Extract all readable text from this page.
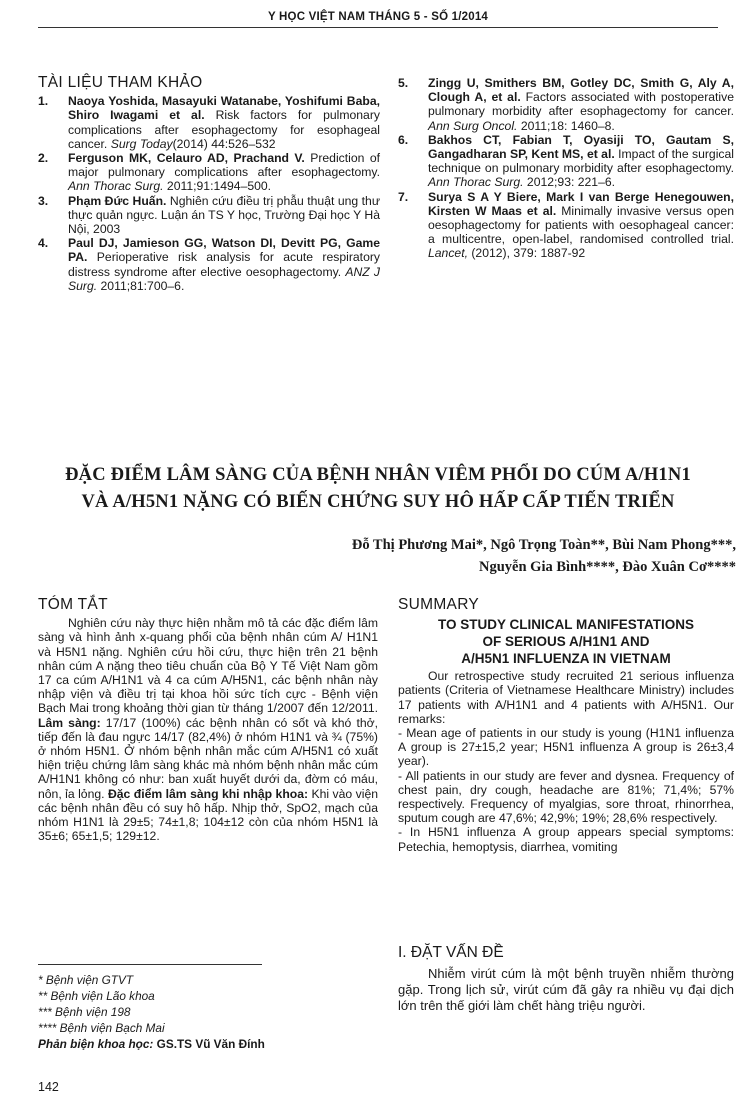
Y HỌC VIỆT NAM THÁNG 5 - SỐ 1/2014
TÀI LIỆU THAM KHẢO
1. Naoya Yoshida, Masayuki Watanabe, Yoshifumi Baba, Shiro Iwagami et al. Risk factors for pulmonary complications after esophagectomy for esophageal cancer. Surg Today(2014) 44:526–532
2. Ferguson MK, Celauro AD, Prachand V. Prediction of major pulmonary complications after esophagectomy. Ann Thorac Surg. 2011;91:1494–500.
3. Phạm Đức Huấn. Nghiên cứu điều trị phẫu thuật ung thư thực quản ngực. Luận án TS Y học, Trường Đại học Y Hà Nội, 2003
4. Paul DJ, Jamieson GG, Watson DI, Devitt PG, Game PA. Perioperative risk analysis for acute respiratory distress syndrome after elective oesophagectomy. ANZ J Surg. 2011;81:700–6.
5. Zingg U, Smithers BM, Gotley DC, Smith G, Aly A, Clough A, et al. Factors associated with postoperative pulmonary morbidity after esophagectomy for cancer. Ann Surg Oncol. 2011;18: 1460–8.
6. Bakhos CT, Fabian T, Oyasiji TO, Gautam S, Gangadharan SP, Kent MS, et al. Impact of the surgical technique on pulmonary morbidity after esophagectomy. Ann Thorac Surg. 2012;93: 221–6.
7. Surya S A Y Biere, Mark I van Berge Henegouwen, Kirsten W Maas et al. Minimally invasive versus open oesophagectomy for patients with oesophageal cancer: a multicentre, open-label, randomised controlled trial. Lancet, (2012), 379: 1887-92
ĐẶC ĐIỂM LÂM SÀNG CỦA BỆNH NHÂN VIÊM PHỔI DO CÚM A/H1N1
VÀ A/H5N1 NẶNG CÓ BIẾN CHỨNG SUY HÔ HẤP CẤP TIẾN TRIỂN
Đỗ Thị Phương Mai*, Ngô Trọng Toàn**, Bùi Nam Phong***,
Nguyễn Gia Bình****, Đào Xuân Cơ****
TÓM TẮT
Nghiên cứu này thực hiện nhằm mô tả các đặc điểm lâm sàng và hình ảnh x-quang phổi của bệnh nhân cúm A/ H1N1 và H5N1 nặng. Nghiên cứu hồi cứu, thực hiện trên 21 bệnh nhân cúm A nặng theo tiêu chuẩn của Bộ Y Tế Việt Nam gồm 17 ca cúm A/H1N1 và 4 ca cúm A/H5N1, các bệnh nhân này nhập viện và điều trị tại khoa hồi sức tích cực - Bệnh viện Bạch Mai trong khoảng thời gian từ tháng 1/2007 đến 12/2011. Lâm sàng: 17/17 (100%) các bệnh nhân có sốt và khó thở, tiếp đến là đau ngực 14/17 (82,4%) ở nhóm H1N1 và ¾ (75%) ở nhóm H5N1. Ở nhóm bệnh nhân mắc cúm A/H5N1 có xuất hiện triệu chứng lâm sàng khác mà nhóm bệnh nhân mắc cúm A/H1N1 không có như: ban xuất huyết dưới da, đờm có máu, nôn, ỉa lỏng. Đặc điểm lâm sàng khi nhập khoa: Khi vào viện các bệnh nhân đều có suy hô hấp. Nhịp thở, SpO2, mạch của nhóm H1N1 là 29±5; 74±1,8; 104±12 còn của nhóm H5N1 là 35±6; 65±1,5; 129±12.
SUMMARY
TO STUDY CLINICAL MANIFESTATIONS
OF SERIOUS A/H1N1 AND
A/H5N1 INFLUENZA IN VIETNAM
Our retrospective study recruited 21 serious influenza patients (Criteria of Vietnamese Healthcare Ministry) includes 17 patients with A/H1N1 and 4 patients with A/H5N1. Our remarks:
- Mean age of patients in our study is young (H1N1 influenza A group is 27±15,2 year; H5N1 influenza A group is 26±3,4 year).
- All patients in our study are fever and dysnea. Frequency of chest pain, dry cough, headache are 81%; 71,4%; 57% respectively. Frequency of myalgias, sore throat, rhinorrhea, sputum cough are 47,6%; 42,9%; 19%; 28,6% respectively.
- In H5N1 influenza A group appears special symptoms: Petechia, hemoptysis, diarrhea, vomiting
I. ĐẶT VẤN ĐỀ
Nhiễm virút cúm là một bệnh truyền nhiễm thường gặp. Trong lịch sử, virút cúm đã gây ra nhiều vụ đại dịch lớn trên thế giới làm chết hàng triệu người.
* Bệnh viện GTVT
** Bệnh viện Lão khoa
*** Bệnh viện 198
**** Bệnh viện Bạch Mai
Phản biện khoa học: GS.TS Vũ Văn Đính
142
